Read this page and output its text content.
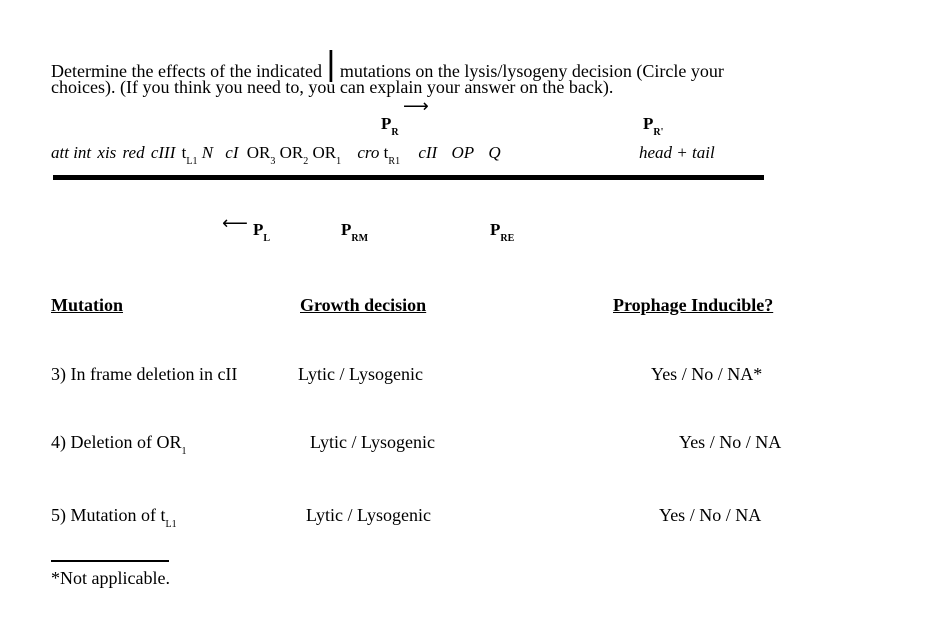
Determine the effects of the indicated | mutations on the lysis/lysogeny decision (Circle your
choices). (If you think you need to, you can explain your answer on the back).
$P_R$
⟶
$P_{R'}$
att int xis red cIII $t_{L1}$ N cI $OR_3$ $OR_2$ $OR_1$ cro $t_{R1}$ cII OP Q	head + tail
⟵ $P_L$	$P_{RM}$	$P_{RE}$
Mutation	Growth decision	Prophage Inducible?
3) In frame deletion in cII	Lytic / Lysogenic	Yes / No / NA*
4) Deletion of $OR_1$	Lytic / Lysogenic	Yes / No / NA
5) Mutation of $t_{L1}$	Lytic / Lysogenic	Yes / No / NA
*Not applicable.
